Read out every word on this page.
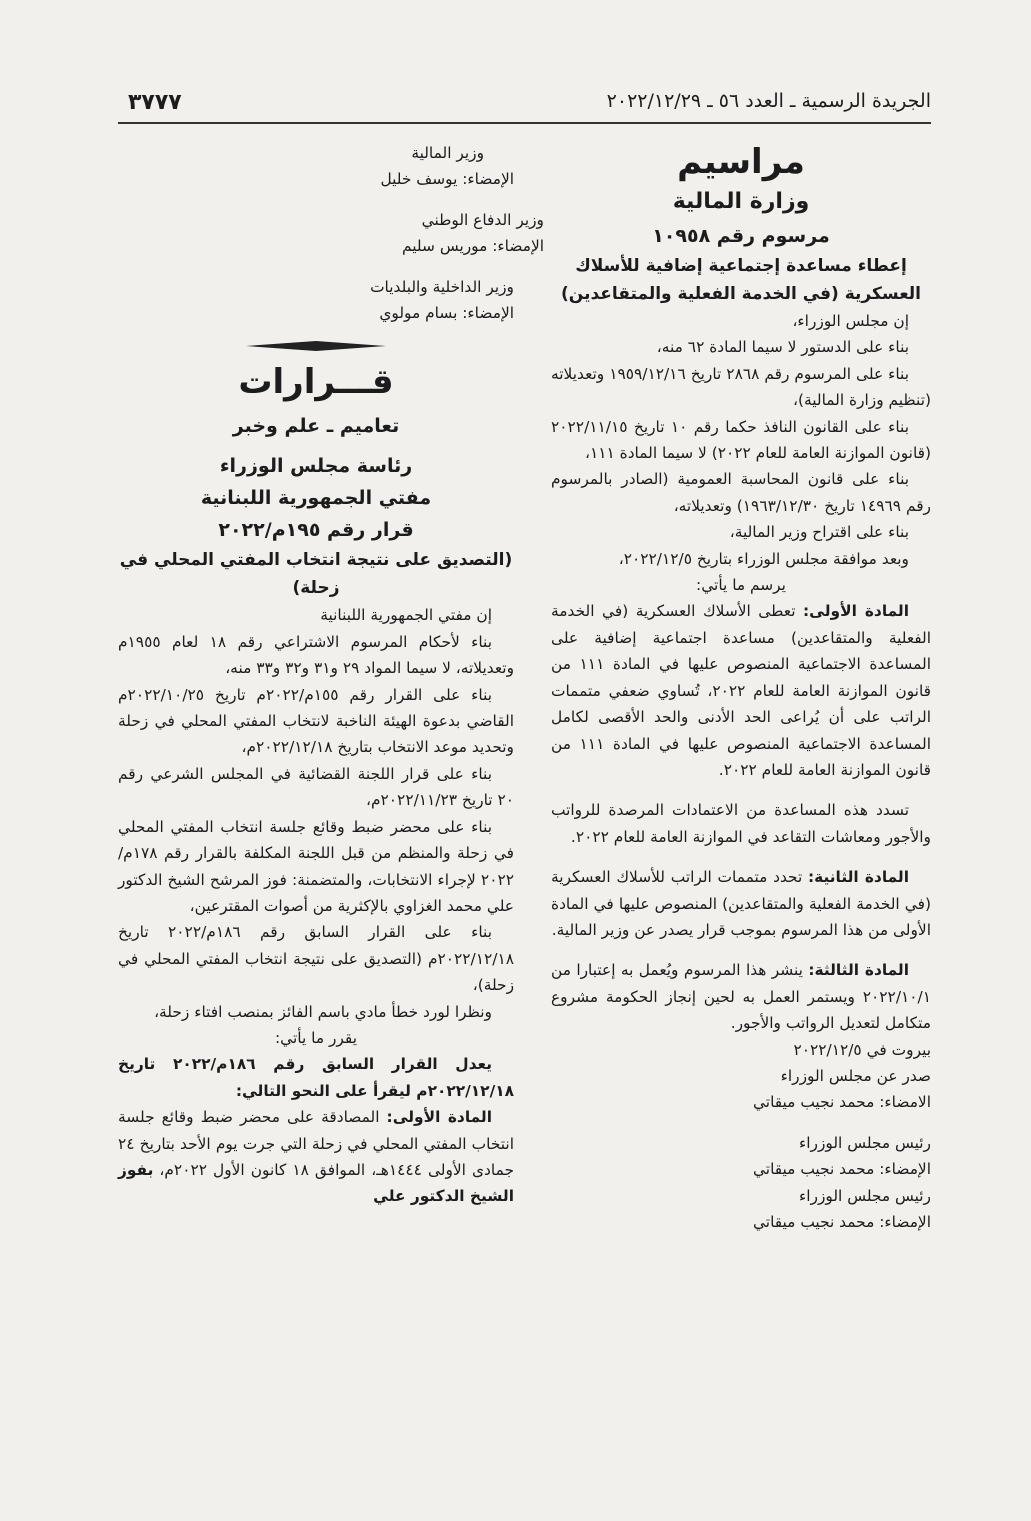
الجريدة الرسمية ـ العدد ٥٦ ـ ٢٠٢٢/١٢/٢٩
٣٧٧٧

مراسيم

وزارة المالية

مرسوم رقم ١٠٩٥٨

إعطاء مساعدة إجتماعية إضافية للأسلاك العسكرية (في الخدمة الفعلية والمتقاعدين)

إن مجلس الوزراء،

بناء على الدستور لا سيما المادة ٦٢ منه،

بناء على المرسوم رقم ٢٨٦٨ تاريخ ١٩٥٩/١٢/١٦ وتعديلاته (تنظيم وزارة المالية)،

بناء على القانون النافذ حكما رقم ١٠ تاريخ ٢٠٢٢/١١/١٥ (قانون الموازنة العامة للعام ٢٠٢٢) لا سيما المادة ١١١،

بناء على قانون المحاسبة العمومية (الصادر بالمرسوم رقم ١٤٩٦٩ تاريخ ١٩٦٣/١٢/٣٠) وتعديلاته،

بناء على اقتراح وزير المالية،

وبعد موافقة مجلس الوزراء بتاريخ ٢٠٢٢/١٢/٥،

يرسم ما يأتي:

المادة الأولى: تعطى الأسلاك العسكرية (في الخدمة الفعلية والمتقاعدين) مساعدة اجتماعية إضافية على المساعدة الاجتماعية المنصوص عليها في المادة ١١١ من قانون الموازنة العامة للعام ٢٠٢٢، تُساوي ضعفي متممات الراتب على أن يُراعى الحد الأدنى والحد الأقصى لكامل المساعدة الاجتماعية المنصوص عليها في المادة ١١١ من قانون الموازنة العامة للعام ٢٠٢٢.

تسدد هذه المساعدة من الاعتمادات المرصدة للرواتب والأجور ومعاشات التقاعد في الموازنة العامة للعام ٢٠٢٢.

المادة الثانية: تحدد متممات الراتب للأسلاك العسكرية (في الخدمة الفعلية والمتقاعدين) المنصوص عليها في المادة الأولى من هذا المرسوم بموجب قرار يصدر عن وزير المالية.

المادة الثالثة: ينشر هذا المرسوم ويُعمل به إعتبارا من ٢٠٢٢/١٠/١ ويستمر العمل به لحين إنجاز الحكومة مشروع متكامل لتعديل الرواتب والأجور.

بيروت في ٢٠٢٢/١٢/٥

صدر عن مجلس الوزراء

الامضاء: محمد نجيب ميقاتي

رئيس مجلس الوزراء

الإمضاء: محمد نجيب ميقاتي

رئيس مجلس الوزراء

الإمضاء: محمد نجيب ميقاتي

وزير المالية

الإمضاء: يوسف خليل

وزير الدفاع الوطني

الإمضاء: موريس سليم

وزير الداخلية والبلديات

الإمضاء: بسام مولوي

قـــرارات

تعاميم ـ علم وخبر

رئاسة مجلس الوزراء

مفتي الجمهورية اللبنانية

قرار رقم ١٩٥م/٢٠٢٢

(التصديق على نتيجة انتخاب المفتي المحلي في زحلة)

إن مفتي الجمهورية اللبنانية

بناء لأحكام المرسوم الاشتراعي رقم ١٨ لعام ١٩٥٥م وتعديلاته، لا سيما المواد ٢٩ و٣١ و٣٢ و٣٣ منه،

بناء على القرار رقم ١٥٥م/٢٠٢٢م تاريخ ٢٠٢٢/١٠/٢٥م القاضي بدعوة الهيئة الناخبة لانتخاب المفتي المحلي في زحلة وتحديد موعد الانتخاب بتاريخ ٢٠٢٢/١٢/١٨م،

بناء على قرار اللجنة القضائية في المجلس الشرعي رقم ٢٠ تاريخ ٢٠٢٢/١١/٢٣م،

بناء على محضر ضبط وقائع جلسة انتخاب المفتي المحلي في زحلة والمنظم من قبل اللجنة المكلفة بالقرار رقم ١٧٨م/٢٠٢٢ لإجراء الانتخابات، والمتضمنة: فوز المرشح الشيخ الدكتور علي محمد الغزاوي بالإكثرية من أصوات المقترعين،

بناء على القرار السابق رقم ١٨٦م/٢٠٢٢ تاريخ ٢٠٢٢/١٢/١٨م (التصديق على نتيجة انتخاب المفتي المحلي في زحلة)،

ونظرا لورد خطأ مادي باسم الفائز بمنصب افتاء زحلة،

يقرر ما يأتي:

يعدل القرار السابق رقم ١٨٦م/٢٠٢٢ تاريخ ٢٠٢٢/١٢/١٨م ليقرأ على النحو التالي:

المادة الأولى: المصادقة على محضر ضبط وقائع جلسة انتخاب المفتي المحلي في زحلة التي جرت يوم الأحد بتاريخ ٢٤ جمادى الأولى ١٤٤٤هـ، الموافق ١٨ كانون الأول ٢٠٢٢م، بفوز الشيخ الدكتور علي
